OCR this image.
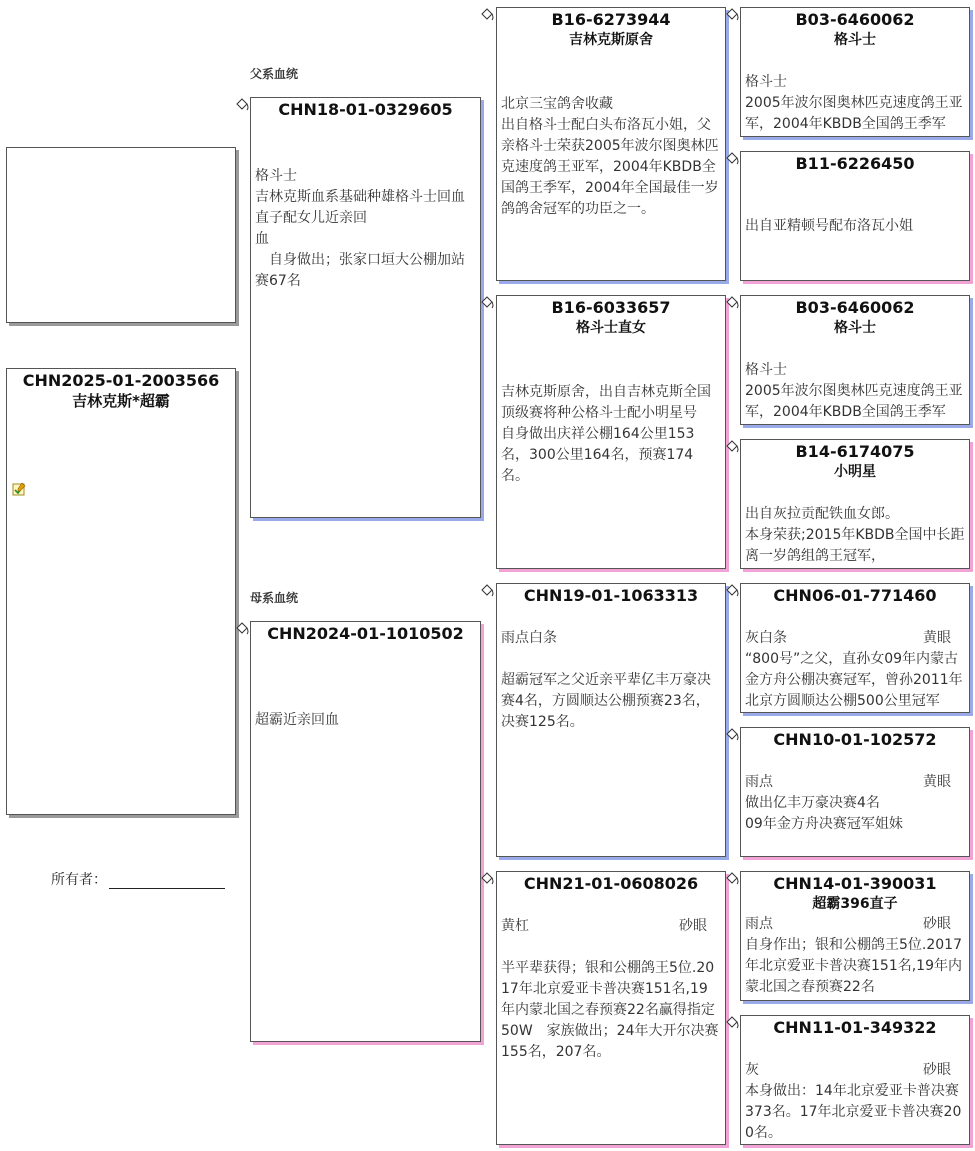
CHN2025-01-2003566
吉林克斯*超霸
所有者：
父系血统
母系血统
CHN18-01-0329605
格斗士
吉林克斯血系基础种雄格斗士回血直子配女儿近亲回
血
　自身做出；张家口垣大公棚加站赛67名
CHN2024-01-1010502
超霸近亲回血
B16-6273944
吉林克斯原舍
北京三宝鸽舍收藏
出自格斗士配白头布洛瓦小姐，父亲格斗士荣获2005年波尔图奥林匹克速度鸽王亚军，2004年KBDB全国鸽王季军，2004年全国最佳一岁鸽鸽舍冠军的功臣之一。
B16-6033657
格斗士直女
吉林克斯原舍，出自吉林克斯全国顶级赛将种公格斗士配小明星号
自身做出庆祥公棚164公里153名，300公里164名，预赛174名。
CHN19-01-1063313
雨点白条
超霸冠军之父近亲平辈亿丰万豪决赛4名，方圆顺达公棚预赛23名，决赛125名。
CHN21-01-0608026
黄杠	砂眼
半平辈获得；银和公棚鸽王5位.2017年北京爱亚卡普决赛151名,19年内蒙北国之春预赛22名赢得指定50W　家族做出；24年大开尔决赛155名，207名。
B03-6460062
格斗士
格斗士
2005年波尔图奥林匹克速度鸽王亚军，2004年KBDB全国鸽王季军
B11-6226450
出自亚精顿号配布洛瓦小姐
B03-6460062
格斗士
格斗士
2005年波尔图奥林匹克速度鸽王亚军，2004年KBDB全国鸽王季军
B14-6174075
小明星
出自灰拉贡配铁血女郎。
本身荣获;2015年KBDB全国中长距离一岁鸽组鸽王冠军，
CHN06-01-771460
灰白条	黄眼
“800号”之父，直孙女09年内蒙古金方舟公棚决赛冠军，曾孙2011年北京方圆顺达公棚500公里冠军
CHN10-01-102572
雨点	黄眼
做出亿丰万豪决赛4名
09年金方舟决赛冠军姐妹
CHN14-01-390031
超霸396直子
雨点	砂眼
自身作出；银和公棚鸽王5位.2017年北京爱亚卡普决赛151名,19年内蒙北国之春预赛22名
CHN11-01-349322
灰	砂眼
本身做出：14年北京爱亚卡普决赛373名。17年北京爱亚卡普决赛200名。
